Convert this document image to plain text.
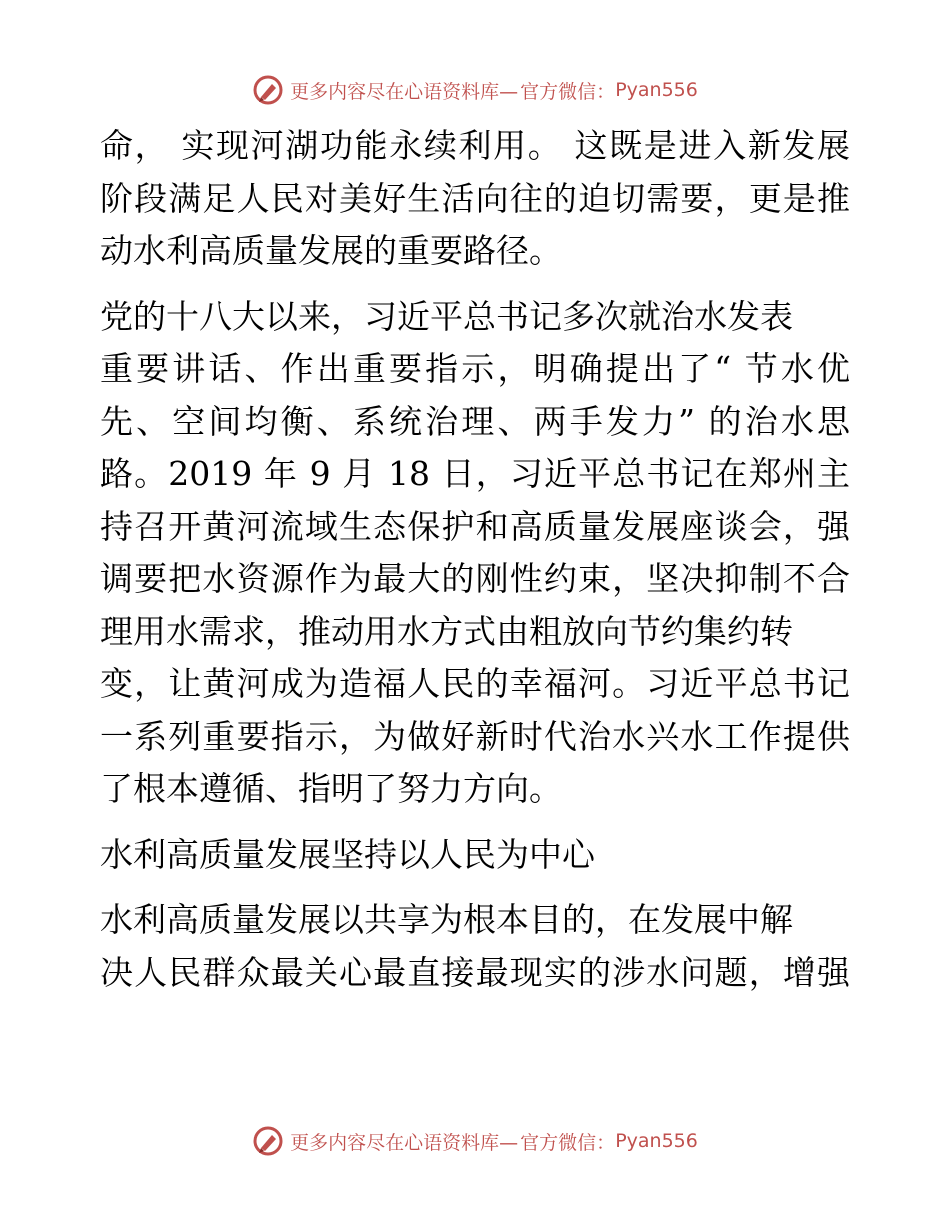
更多内容尽在心语资料库— 官方微信： Pyan556
命， 实现河湖功能永续利用。 这既是进入新发展
阶段满足人民对美好生活向往的迫切需要，更是推
动水利高质量发展的重要路径。
党的十八大以来，习近平总书记多次就治水发表
重要讲话、作出重要指示，明确提出了“ 节水优
先、空间均衡、系统治理、两手发力” 的治水思
路。2019 年 9 月 18 日，习近平总书记在郑州主
持召开黄河流域生态保护和高质量发展座谈会，强
调要把水资源作为最大的刚性约束，坚决抑制不合
理用水需求，推动用水方式由粗放向节约集约转
变，让黄河成为造福人民的幸福河。习近平总书记
一系列重要指示，为做好新时代治水兴水工作提供
了根本遵循、指明了努力方向。
水利高质量发展坚持以人民为中心
水利高质量发展以共享为根本目的，在发展中解
决人民群众最关心最直接最现实的涉水问题，增强
更多内容尽在心语资料库— 官方微信： Pyan556
